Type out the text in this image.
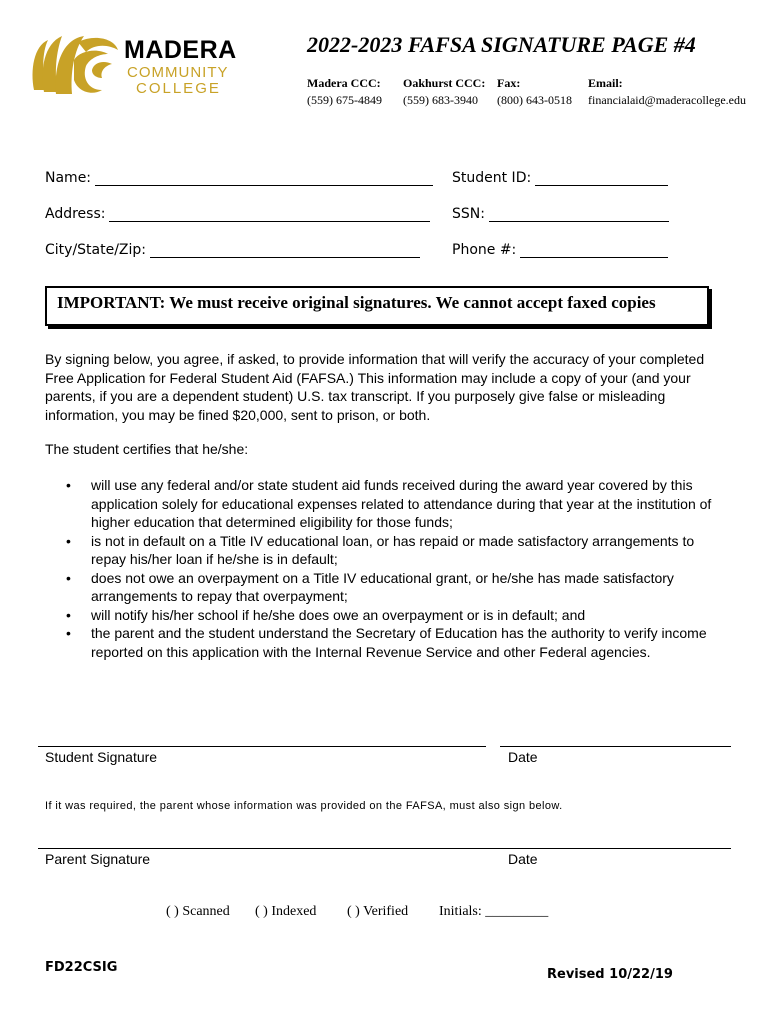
MADERA
COMMUNITY
COLLEGE
2022-2023 FAFSA SIGNATURE PAGE #4
Madera CCC:
(559) 675-4849
Oakhurst CCC:
(559) 683-3940
Fax:
(800) 643-0518
Email:
financialaid@maderacollege.edu
Name:	Student ID:
Address:	SSN:
City/State/Zip:	Phone #:
IMPORTANT: We must receive original signatures. We cannot accept faxed copies
By signing below, you agree, if asked, to provide information that will verify the accuracy of your completed Free Application for Federal Student Aid (FAFSA.) This information may include a copy of your (and your parents, if you are a dependent student) U.S. tax transcript. If you purposely give false or misleading information, you may be fined $20,000, sent to prison, or both.
The student certifies that he/she:
• will use any federal and/or state student aid funds received during the award year covered by this application solely for educational expenses related to attendance during that year at the institution of higher education that determined eligibility for those funds;
• is not in default on a Title IV educational loan, or has repaid or made satisfactory arrangements to repay his/her loan if he/she is in default;
• does not owe an overpayment on a Title IV educational grant, or he/she has made satisfactory arrangements to repay that overpayment;
• will notify his/her school if he/she does owe an overpayment or is in default; and
• the parent and the student understand the Secretary of Education has the authority to verify income reported on this application with the Internal Revenue Service and other Federal agencies.
Student Signature	Date
If it was required, the parent whose information was provided on the FAFSA, must also sign below.
Parent Signature	Date
( ) Scanned ( ) Indexed ( ) Verified Initials: _________
FD22CSIG	Revised 10/22/19
